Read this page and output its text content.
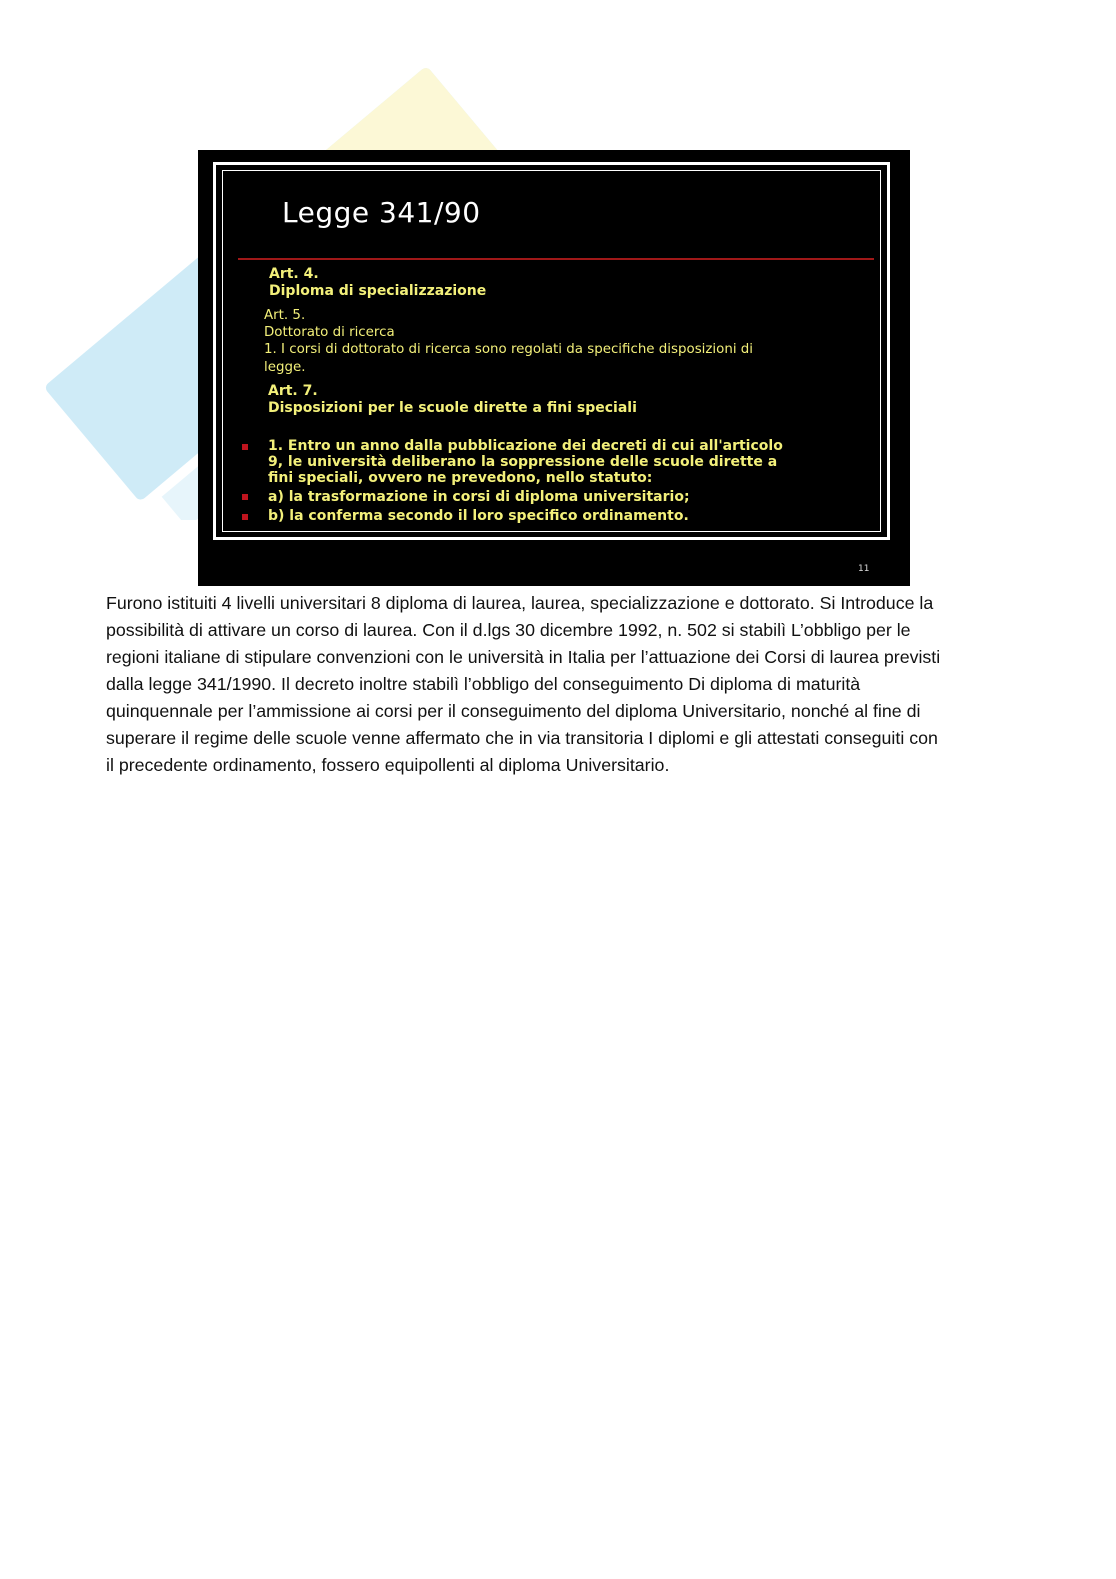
Legge 341/90
Art. 4.
Diploma di specializzazione
Art. 5.
Dottorato di ricerca
1. I corsi di dottorato di ricerca sono regolati da specifiche disposizioni di
legge.
Art. 7.
Disposizioni per le scuole dirette a fini speciali
1. Entro un anno dalla pubblicazione dei decreti di cui all'articolo
9, le università deliberano la soppressione delle scuole dirette a
fini speciali, ovvero ne prevedono, nello statuto:
a) la trasformazione in corsi di diploma universitario;
b) la conferma secondo il loro specifico ordinamento.
11
Furono istituiti 4 livelli universitari 8 diploma di laurea, laurea, specializzazione e dottorato. Si Introduce la
possibilità di attivare un corso di laurea. Con il d.lgs 30 dicembre 1992, n. 502 si stabilì L’obbligo per le
regioni italiane di stipulare convenzioni con le università in Italia per l’attuazione dei Corsi di laurea previsti
dalla legge 341/1990. Il decreto inoltre stabilì l’obbligo del conseguimento Di diploma di maturità
quinquennale per l’ammissione ai corsi per il conseguimento del diploma Universitario, nonché al fine di
superare il regime delle scuole venne affermato che in via transitoria I diplomi e gli attestati conseguiti con
il precedente ordinamento, fossero equipollenti al diploma Universitario.
